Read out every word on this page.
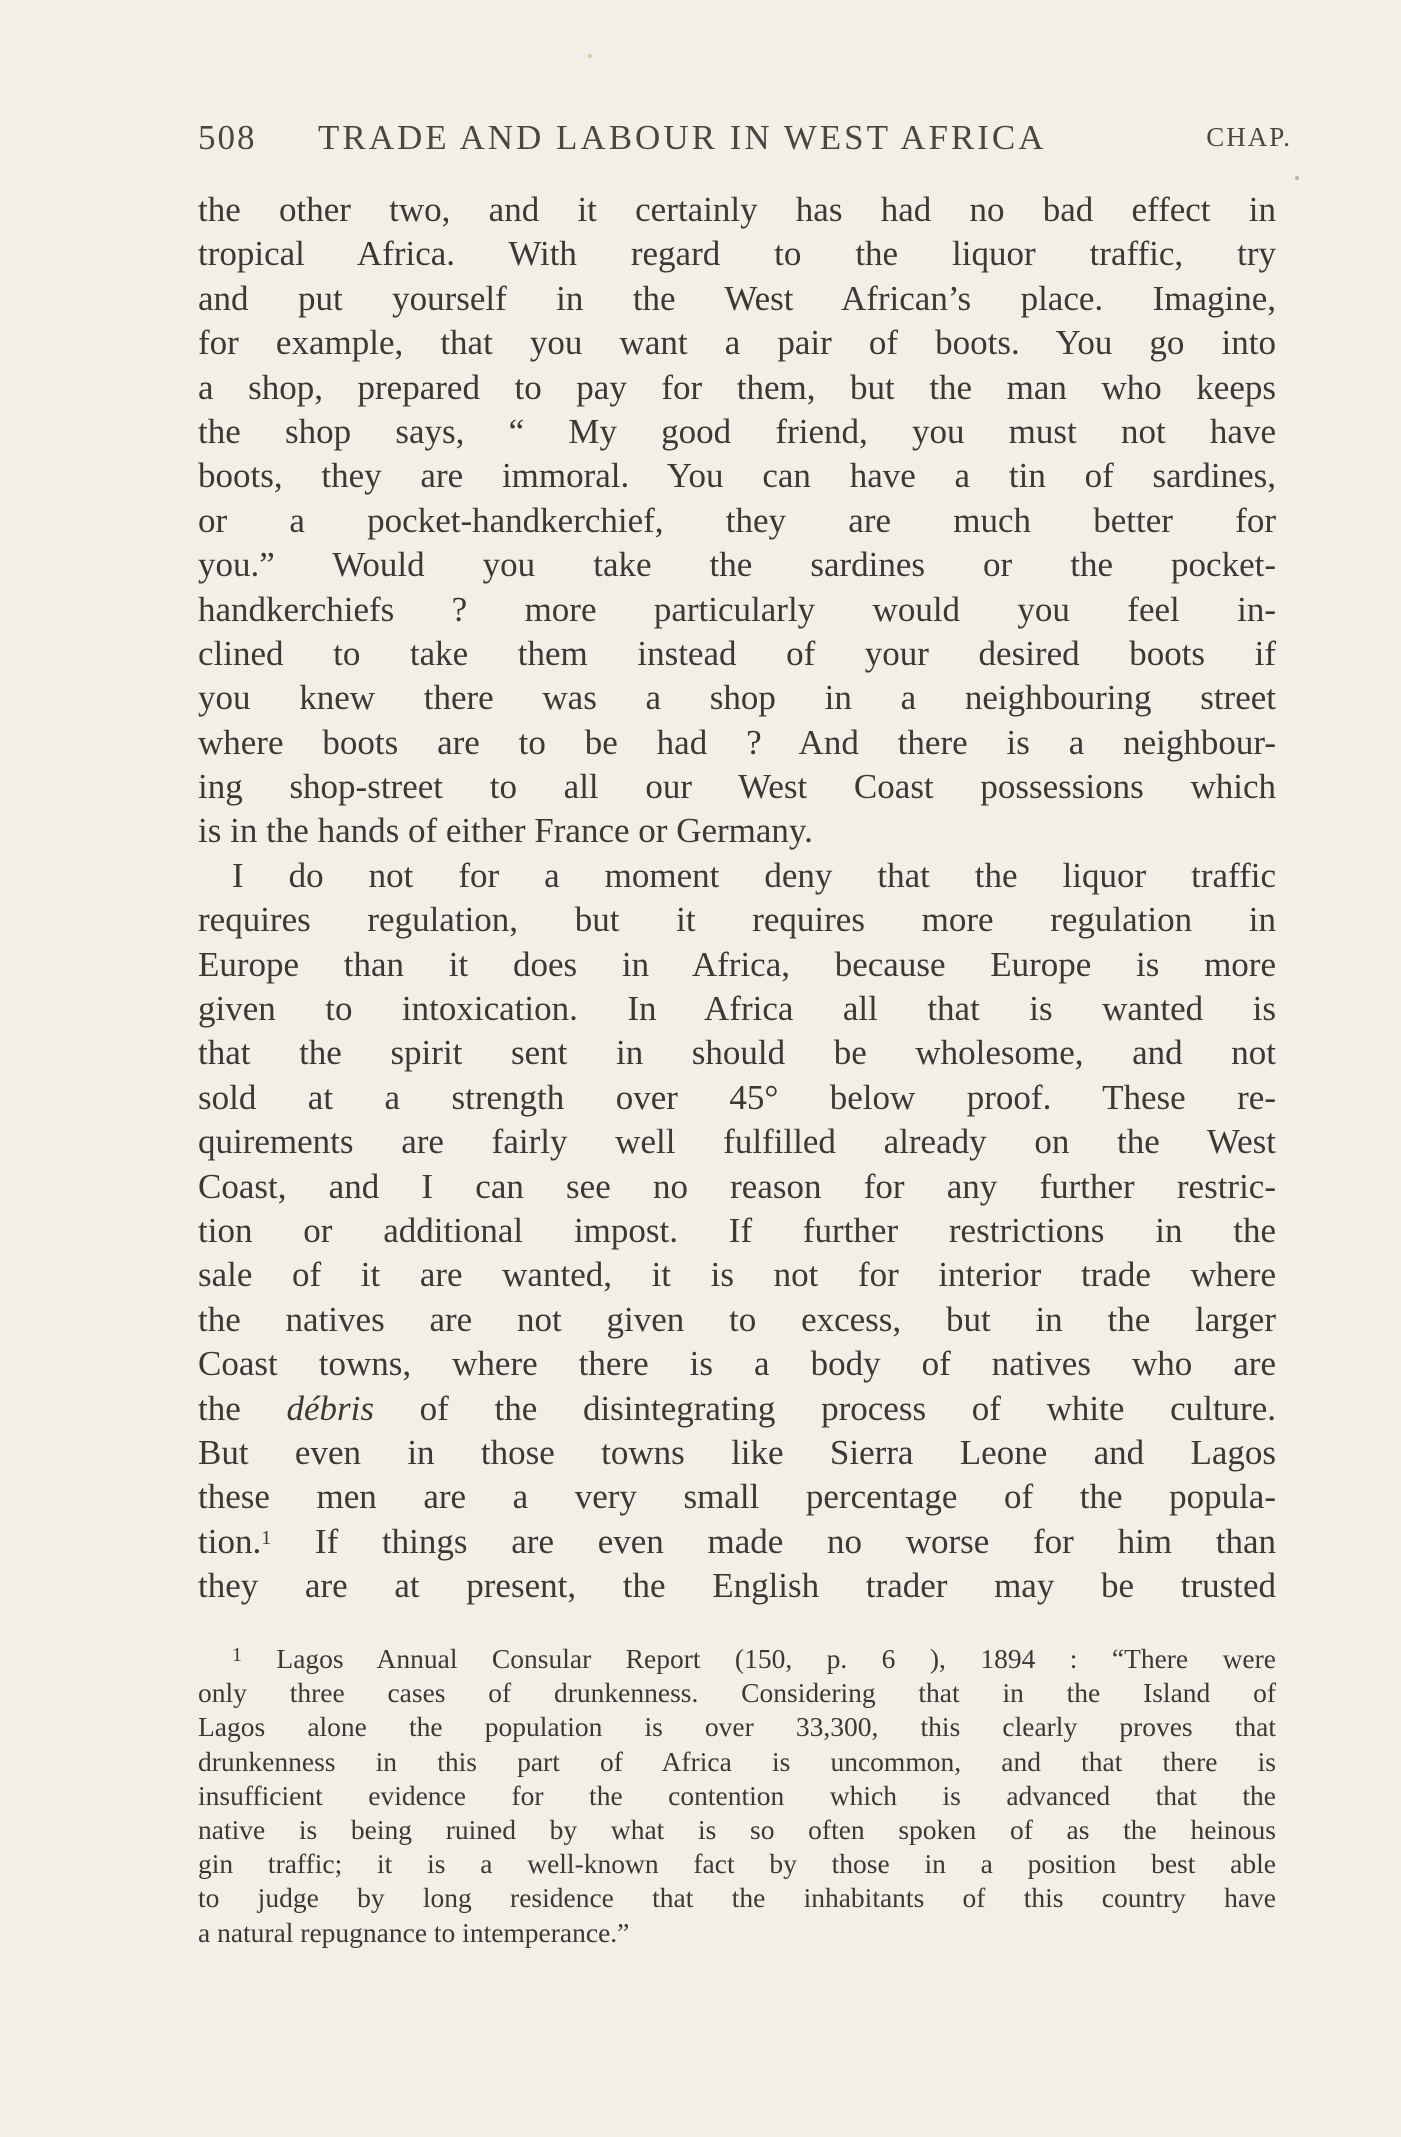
508 TRADE AND LABOUR IN WEST AFRICA	CHAP.
the other two, and it certainly has had no bad effect in
tropical Africa. With regard to the liquor traffic, try
and put yourself in the West African’s place. Imagine,
for example, that you want a pair of boots. You go into
a shop, prepared to pay for them, but the man who keeps
the shop says, “ My good friend, you must not have
boots, they are immoral. You can have a tin of sardines,
or a pocket-handkerchief, they are much better for
you.” Would you take the sardines or the pocket-
handkerchiefs ? more particularly would you feel in-
clined to take them instead of your desired boots if
you knew there was a shop in a neighbouring street
where boots are to be had ? And there is a neighbour-
ing shop-street to all our West Coast possessions which
is in the hands of either France or Germany.
I do not for a moment deny that the liquor traffic
requires regulation, but it requires more regulation in
Europe than it does in Africa, because Europe is more
given to intoxication. In Africa all that is wanted is
that the spirit sent in should be wholesome, and not
sold at a strength over 45° below proof. These re-
quirements are fairly well fulfilled already on the West
Coast, and I can see no reason for any further restric-
tion or additional impost. If further restrictions in the
sale of it are wanted, it is not for interior trade where
the natives are not given to excess, but in the larger
Coast towns, where there is a body of natives who are
the débris of the disintegrating process of white culture.
But even in those towns like Sierra Leone and Lagos
these men are a very small percentage of the popula-
tion.$^1$ If things are even made no worse for him than
they are at present, the English trader may be trusted
$^1$ Lagos Annual Consular Report (150, p. 6 ), 1894 : “There were
only three cases of drunkenness. Considering that in the Island of
Lagos alone the population is over 33,300, this clearly proves that
drunkenness in this part of Africa is uncommon, and that there is
insufficient evidence for the contention which is advanced that the
native is being ruined by what is so often spoken of as the heinous
gin traffic; it is a well-known fact by those in a position best able
to judge by long residence that the inhabitants of this country have
a natural repugnance to intemperance.”
